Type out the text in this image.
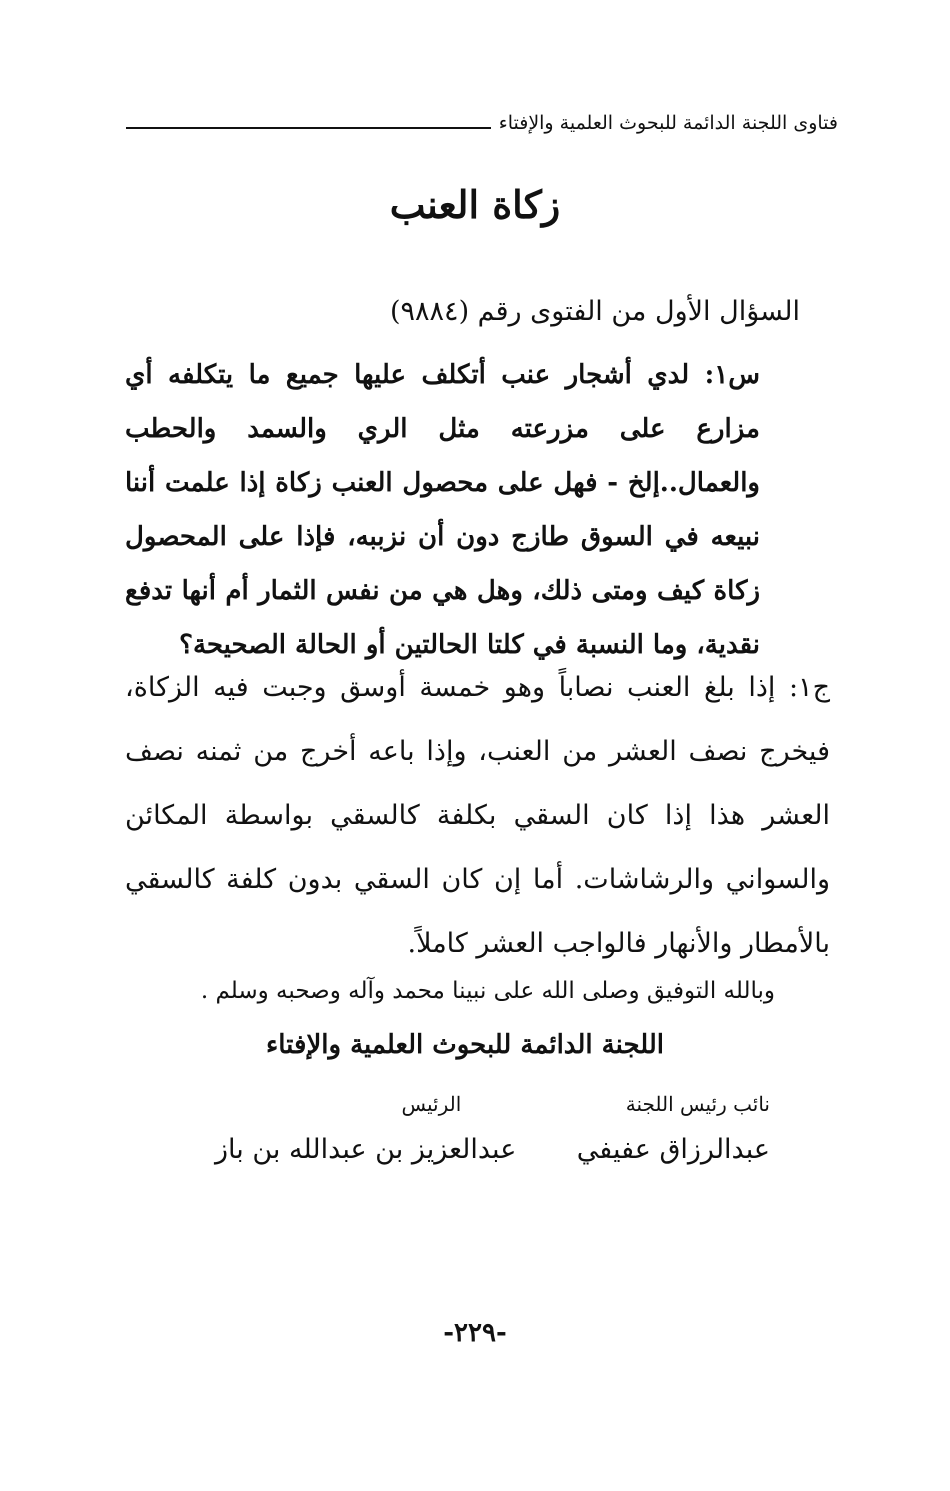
فتاوى اللجنة الدائمة للبحوث العلمية والإفتاء
زكاة العنب
السؤال الأول من الفتوى رقم (٩٨٨٤)
س١: لدي أشجار عنب أتكلف عليها جميع ما يتكلفه أي مزارع على مزرعته مثل الري والسمد والحطب والعمال..إلخ - فهل على محصول العنب زكاة إذا علمت أننا نبيعه في السوق طازج دون أن نزببه، فإذا على المحصول زكاة كيف ومتى ذلك، وهل هي من نفس الثمار أم أنها تدفع نقدية، وما النسبة في كلتا الحالتين أو الحالة الصحيحة؟
ج١: إذا بلغ العنب نصاباً وهو خمسة أوسق وجبت فيه الزكاة، فيخرج نصف العشر من العنب، وإذا باعه أخرج من ثمنه نصف العشر هذا إذا كان السقي بكلفة كالسقي بواسطة المكائن والسواني والرشاشات. أما إن كان السقي بدون كلفة كالسقي بالأمطار والأنهار فالواجب العشر كاملاً.
وبالله التوفيق وصلى الله على نبينا محمد وآله وصحبه وسلم .
اللجنة الدائمة للبحوث العلمية والإفتاء
نائب رئيس اللجنة
عبدالرزاق عفيفي
الرئيس
عبدالعزيز بن عبدالله بن باز
-٢٢٩-
